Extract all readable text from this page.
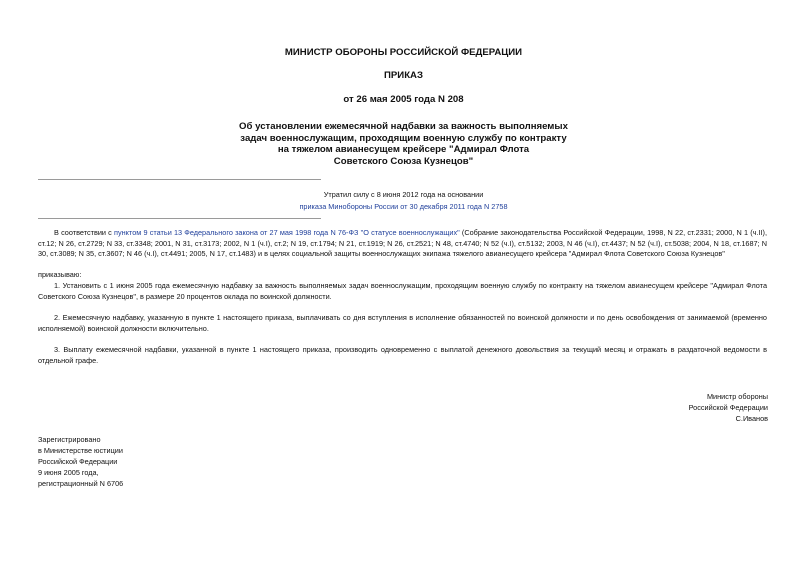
МИНИСТР ОБОРОНЫ РОССИЙСКОЙ ФЕДЕРАЦИИ
ПРИКАЗ
от 26 мая 2005 года N 208
Об установлении ежемесячной надбавки за важность выполняемых
задач военнослужащим, проходящим военную службу по контракту
на тяжелом авианесущем крейсере "Адмирал Флота
Советского Союза Кузнецов"
Утратил силу с 8 июня 2012 года на основании
приказа Минобороны России от 30 декабря 2011 года N 2758

В соответствии с пунктом 9 статьи 13 Федерального закона от 27 мая 1998 года N 76-ФЗ "О статусе военнослужащих" (Собрание законодательства Российской Федерации, 1998, N 22, ст.2331; 2000, N 1 (ч.II), ст.12; N 26, ст.2729; N 33, ст.3348; 2001, N 31, ст.3173; 2002, N 1 (ч.I), ст.2; N 19, ст.1794; N 21, ст.1919; N 26, ст.2521; N 48, ст.4740; N 52 (ч.I), ст.5132; 2003, N 46 (ч.I), ст.4437; N 52 (ч.I), ст.5038; 2004, N 18, ст.1687; N 30, ст.3089; N 35, ст.3607; N 46 (ч.I), ст.4491; 2005, N 17, ст.1483) и в целях социальной защиты военнослужащих экипажа тяжелого авианесущего крейсера "Адмирал Флота Советского Союза Кузнецов"

приказываю:

1. Установить с 1 июня 2005 года ежемесячную надбавку за важность выполняемых задач военнослужащим, проходящим военную службу по контракту на тяжелом авианесущем крейсере "Адмирал Флота Советского Союза Кузнецов", в размере 20 процентов оклада по воинской должности.

2. Ежемесячную надбавку, указанную в пункте 1 настоящего приказа, выплачивать со дня вступления в исполнение обязанностей по воинской должности и по день освобождения от занимаемой (временно исполняемой) воинской должности включительно.

3. Выплату ежемесячной надбавки, указанной в пункте 1 настоящего приказа, производить одновременно с выплатой денежного довольствия за текущий месяц и отражать в раздаточной ведомости в отдельной графе.

Министр обороны
Российской Федерации
С.Иванов
Зарегистрировано
в Министерстве юстиции
Российской Федерации
9 июня 2005 года,
регистрационный N 6706
